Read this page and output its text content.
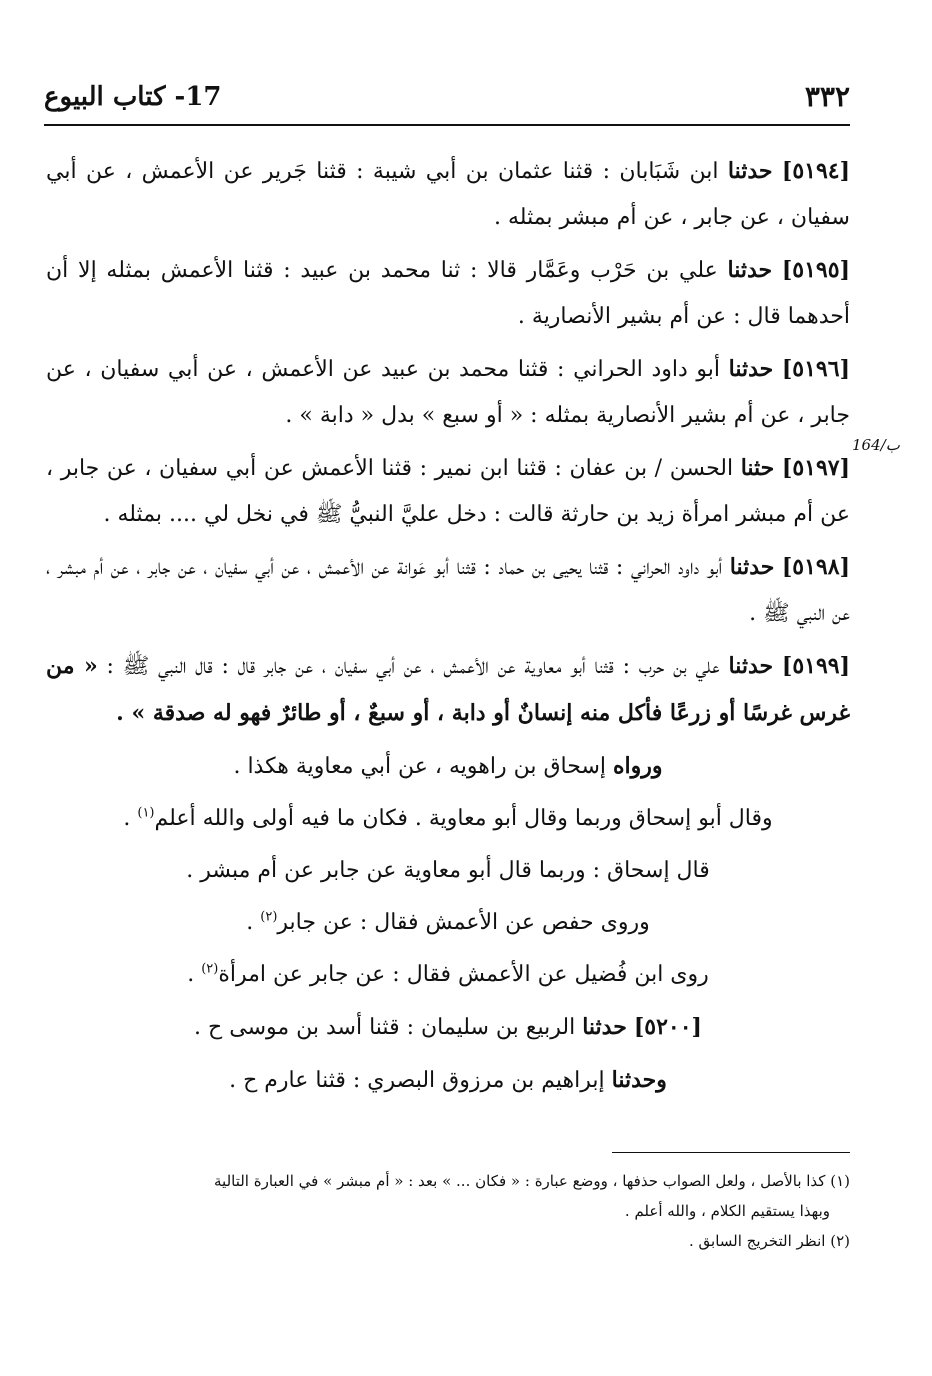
٣٣٢
17- كتاب البيوع
164/ب

[٥١٩٤] حدثنا ابن شَبَابان : قثنا عثمان بن أبي شيبة : قثنا جَرير عن الأعمش ، عن أبي سفيان ، عن جابر ، عن أم مبشر بمثله .

[٥١٩٥] حدثنا علي بن حَرْب وعَمَّار قالا : ثنا محمد بن عبيد : قثنا الأعمش بمثله إلا أن أحدهما قال : عن أم بشير الأنصارية .

[٥١٩٦] حدثنا أبو داود الحراني : قثنا محمد بن عبيد عن الأعمش ، عن أبي سفيان ، عن جابر ، عن أم بشير الأنصارية بمثله : « أو سبع » بدل « دابة » .

[٥١٩٧] حثنا الحسن / بن عفان : قثنا ابن نمير : قثنا الأعمش عن أبي سفيان ، عن جابر ، عن أم مبشر امرأة زيد بن حارثة قالت : دخل عليَّ النبيُّ ﷺ في نخل لي .... بمثله .

[٥١٩٨] حدثنا أبو داود الحراني : قثنا يحيى بن حماد : قثنا أبو عَوانة عن الأعمش ، عن أبي سفيان ، عن جابر ، عن أم مبشر ، عن النبي ﷺ .

[٥١٩٩] حدثنا علي بن حرب : قثنا أبو معاوية عن الأعمش ، عن أبي سفيان ، عن جابر قال : قال النبي ﷺ : « من غرس غرسًا أو زرعًا فأكل منه إنسانٌ أو دابة ، أو سبعٌ ، أو طائرٌ فهو له صدقة » .

ورواه إسحاق بن راهويه ، عن أبي معاوية هكذا .

وقال أبو إسحاق وربما وقال أبو معاوية . فكان ما فيه أولى والله أعلم$^{(١)}$ .

قال إسحاق : وربما قال أبو معاوية عن جابر عن أم مبشر .

وروى حفص عن الأعمش فقال : عن جابر$^{(٢)}$ .

روى ابن فُضيل عن الأعمش فقال : عن جابر عن امرأة$^{(٢)}$ .

[٥٢٠٠] حدثنا الربيع بن سليمان : قثنا أسد بن موسى ح .

وحدثنا إبراهيم بن مرزوق البصري : قثنا عارم ح .

(١) كذا بالأصل ، ولعل الصواب حذفها ، ووضع عبارة : « فكان ... » بعد : « أم مبشر » في العبارة التالية

وبهذا يستقيم الكلام ، والله أعلم .

(٢) انظر التخريج السابق .
